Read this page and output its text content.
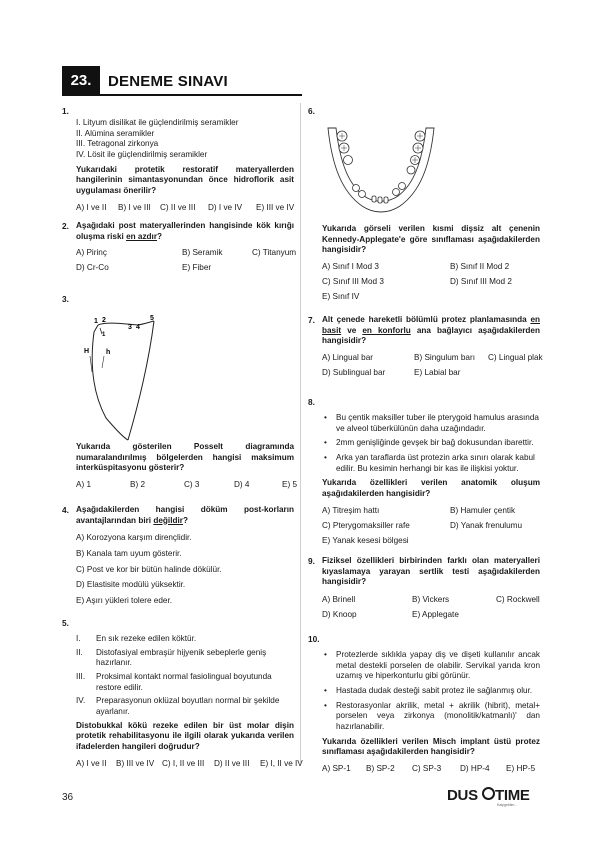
23.	DENEME SINAVI
1.
I. Lityum disilikat ile güçlendirilmiş seramikler
II. Alümina seramikler
III. Tetragonal zirkonya
IV. Lösit ile güçlendirilmiş seramikler

Yukarıdaki protetik restoratif materyallerden hangilerinin simantasyonundan önce hidroflorik asit uygulaması önerilir?

A) I ve II B) I ve III C) II ve III D) I ve IV E) III ve IV
2. Aşağıdaki post materyallerinden hangisinde kök kırığı oluşma riski en azdır?

A) Pirinç	B) Seramik	C) Titanyum
D) Cr-Co	E) Fiber
3.
1 2
3 4
5
1
H h

Yukarıda gösterilen Posselt diagramında numaralandırılmış bölgelerden hangisi maksimum interküspitasyonu gösterir?

A) 1	B) 2	C) 3	D) 4	E) 5
4. Aşağıdakilerden hangisi döküm post-korların avantajlarından biri değildir?

A) Korozyona karşım dirençlidir.
B) Kanala tam uyum gösterir.
C) Post ve kor bir bütün halinde dökülür.
D) Elastisite modülü yüksektir.
E) Aşırı yükleri tolere eder.
5.
I. En sık rezeke edilen köktür.
II. Distofasiyal embraşür hijyenik sebeplerle geniş hazırlanır.
III. Proksimal kontakt normal fasiolingual boyutunda restore edilir.
IV. Preparasyonun oklüzal boyutları normal bir şekilde ayarlanır.

Distobukkal kökü rezeke edilen bir üst molar dişin protetik rehabilitasyonu ile ilgili olarak yukarıda verilen ifadelerden hangileri doğrudur?

A) I ve II B) III ve IV C) I, II ve III D) II ve III E) I, II ve IV
6.

Yukarıda görseli verilen kısmi dişsiz alt çenenin Kennedy-Applegate'e göre sınıflaması aşağıdakilerden hangisidir?

A) Sınıf I Mod 3	B) Sınıf II Mod 2
C) Sınıf III Mod 3	D) Sınıf III Mod 2
E) Sınıf IV
7. Alt çenede hareketli bölümlü protez planlamasında en basit ve en konforlu ana bağlayıcı aşağıdakilerden hangisidir?

A) Lingual bar	B) Singulum barı C) Lingual plak
D) Sublingual bar	E) Labial bar
8.
• Bu çentik maksiller tuber ile pterygoid hamulus arasında ve alveol tüberkülünün daha uzağındadır.
• 2mm genişliğinde gevşek bir bağ dokusundan ibarettir.
• Arka yan taraflarda üst protezin arka sınırı olarak kabul edilir. Bu kesimin herhangi bir kas ile ilişkisi yoktur.

Yukarıda özellikleri verilen anatomik oluşum aşağıdakilerden hangisidir?

A) Titreşim hattı	B) Hamuler çentik
C) Pterygomaksiller rafe	D) Yanak frenulumu
E) Yanak kesesi bölgesi
9. Fiziksel özellikleri birbirinden farklı olan materyalleri kıyaslamaya yarayan sertlik testi aşağıdakilerden hangisidir?

A) Brinell	B) Vickers	C) Rockwell
D) Knoop	E) Applegate
10.
• Protezlerde sıklıkla yapay diş ve dişeti kullanılır ancak metal destekli porselen de olabilir. Servikal yarıda kron uzamış ve hiperkonturlu gibi görünür.
• Hastada dudak desteği sabit protez ile sağlanmış olur.
• Restorasyonlar akrilik, metal + akrilik (hibrit), metal+ porselen veya zirkonya (monolitik/katmanlı)' dan hazırlanabilir.

Yukarıda özellikleri verilen Misch implant üstü protez sınıflaması aşağıdakilerden hangisidir?

A) SP-1 B) SP-2 C) SP-3 D) HP-4 E) HP-5
36	DUS TIME
Kalpgeldim...
